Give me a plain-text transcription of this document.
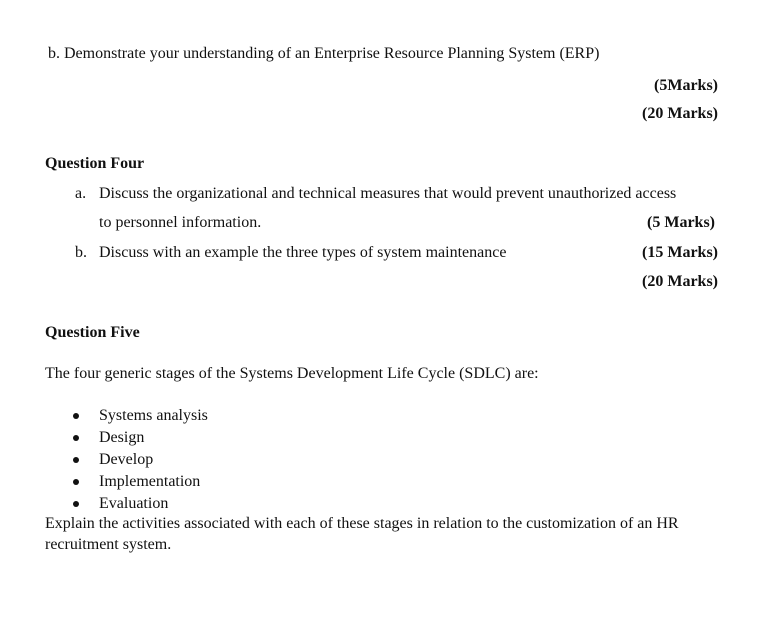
b. Demonstrate your understanding of an Enterprise Resource Planning System (ERP)
(5Marks)
(20 Marks)
Question Four
a. Discuss the organizational and technical measures that would prevent unauthorized access
to personnel information.	(5 Marks)
b. Discuss with an example the three types of system maintenance	(15 Marks)
(20 Marks)
Question Five
The four generic stages of the Systems Development Life Cycle (SDLC) are:
Systems analysis
Design
Develop
Implementation
Evaluation
Explain the activities associated with each of these stages in relation to the customization of an HR recruitment system.
